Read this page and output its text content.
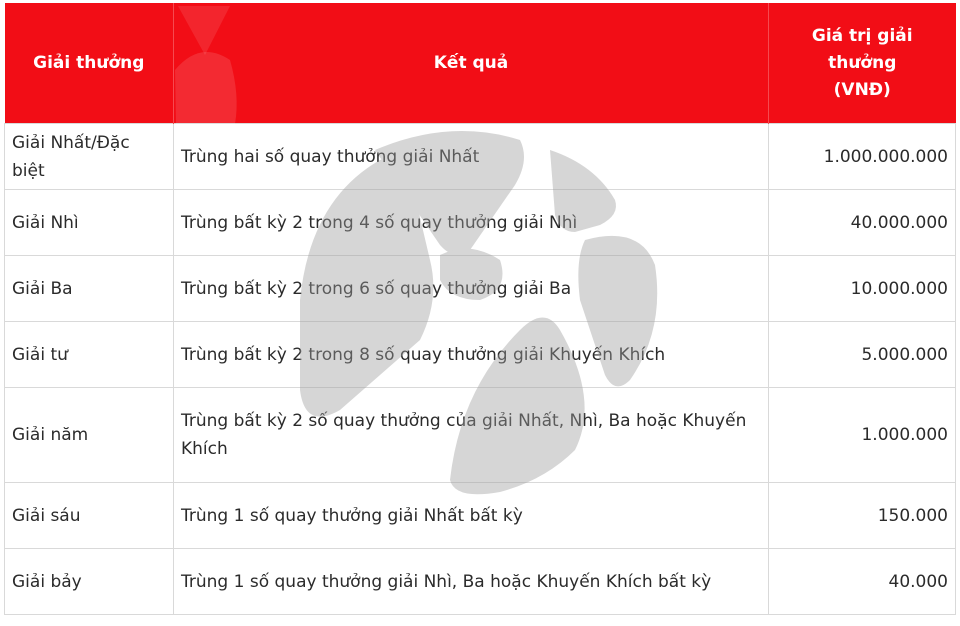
Giải thưởng	Kết quả	Giá trị giải thưởng (VNĐ)
Giải Nhất/Đặc biệt	Trùng hai số quay thưởng giải Nhất	1.000.000.000
Giải Nhì	Trùng bất kỳ 2 trong 4 số quay thưởng giải Nhì	40.000.000
Giải Ba	Trùng bất kỳ 2 trong 6 số quay thưởng giải Ba	10.000.000
Giải tư	Trùng bất kỳ 2 trong 8 số quay thưởng giải Khuyến Khích	5.000.000
Giải năm	Trùng bất kỳ 2 số quay thưởng của giải Nhất, Nhì, Ba hoặc Khuyến Khích	1.000.000
Giải sáu	Trùng 1 số quay thưởng giải Nhất bất kỳ	150.000
Giải bảy	Trùng 1 số quay thưởng giải Nhì, Ba hoặc Khuyến Khích bất kỳ	40.000
